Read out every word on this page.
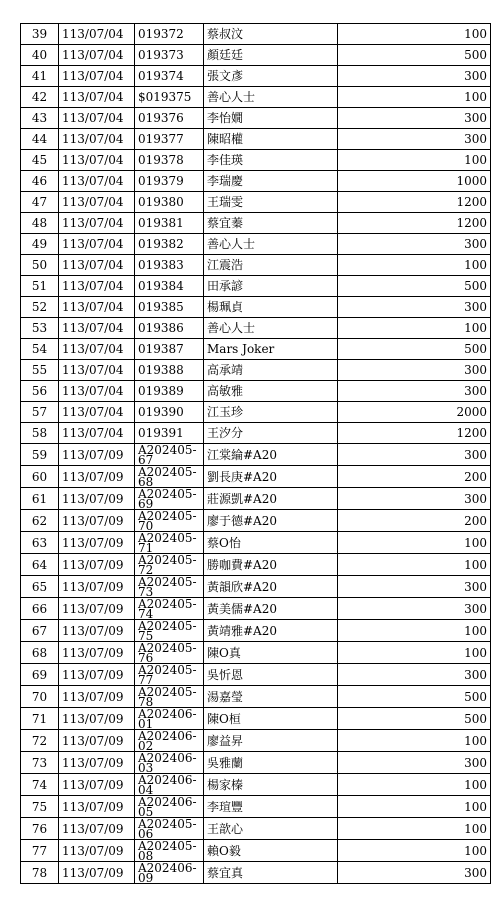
39	113/07/04	019372	蔡叔汶	100
40	113/07/04	019373	顏廷廷	500
41	113/07/04	019374	張文彥	300
42	113/07/04	$019375	善心人士	100
43	113/07/04	019376	李怡嫺	300
44	113/07/04	019377	陳昭權	300
45	113/07/04	019378	李佳瑛	100
46	113/07/04	019379	李瑞慶	1000
47	113/07/04	019380	王瑞雯	1200
48	113/07/04	019381	蔡宜蓁	1200
49	113/07/04	019382	善心人士	300
50	113/07/04	019383	江震浩	100
51	113/07/04	019384	田承諺	500
52	113/07/04	019385	楊珮貞	300
53	113/07/04	019386	善心人士	100
54	113/07/04	019387	Mars Joker	500
55	113/07/04	019388	高承靖	300
56	113/07/04	019389	高敏雅	300
57	113/07/04	019390	江玉珍	2000
58	113/07/04	019391	王汐分	1200
59	113/07/09	A202405-67	江棠綸#A20	300
60	113/07/09	A202405-68	劉長庚#A20	200
61	113/07/09	A202405-69	莊源凱#A20	300
62	113/07/09	A202405-70	廖于德#A20	200
63	113/07/09	A202405-71	蔡O怡	100
64	113/07/09	A202405-72	勝咖費#A20	100
65	113/07/09	A202405-73	黃韻欣#A20	300
66	113/07/09	A202405-74	黃美儒#A20	300
67	113/07/09	A202405-75	黃靖雅#A20	100
68	113/07/09	A202405-76	陳O真	100
69	113/07/09	A202405-77	吳忻恩	300
70	113/07/09	A202405-78	湯嘉瑩	500
71	113/07/09	A202406-01	陳O桓	500
72	113/07/09	A202406-02	廖益昇	100
73	113/07/09	A202406-03	吳雅蘭	300
74	113/07/09	A202406-04	楊家榛	100
75	113/07/09	A202406-05	李瑄豐	100
76	113/07/09	A202405-06	王歆心	100
77	113/07/09	A202405-08	賴O毅	100
78	113/07/09	A202406-09	蔡宜真	300
